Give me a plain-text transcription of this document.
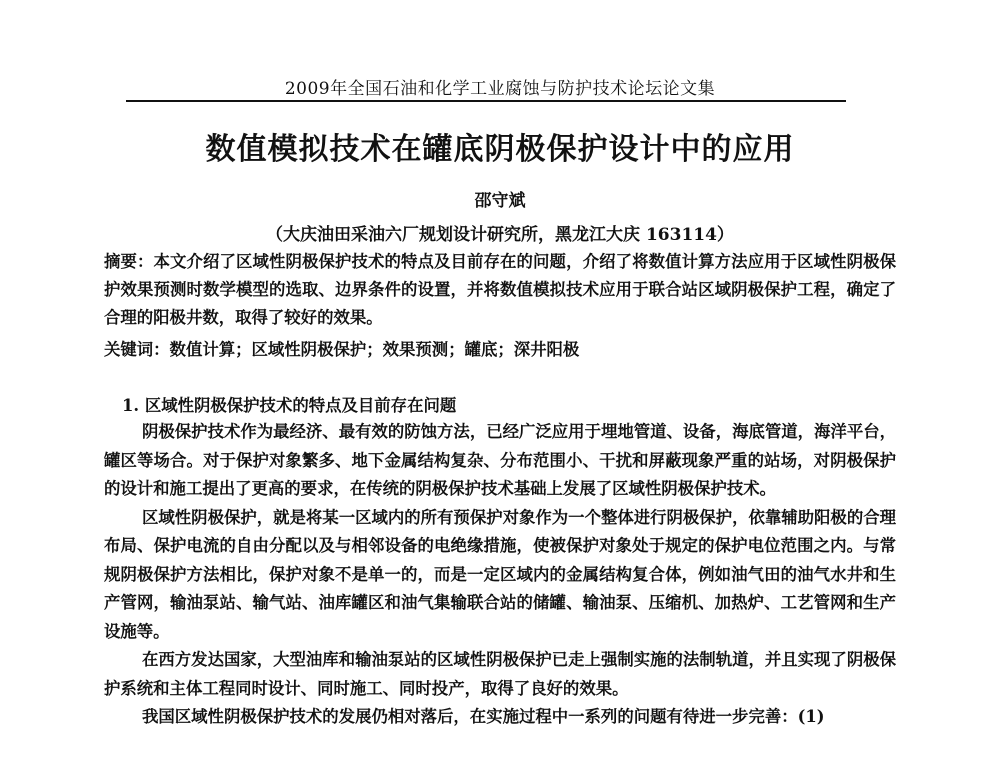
2009年全国石油和化学工业腐蚀与防护技术论坛论文集
数值模拟技术在罐底阴极保护设计中的应用
邵守斌
（大庆油田采油六厂规划设计研究所，黑龙江大庆 163114）

摘要：本文介绍了区域性阴极保护技术的特点及目前存在的问题，介绍了将数值计算方法应用于区域性阴极保护效果预测时数学模型的选取、边界条件的设置，并将数值模拟技术应用于联合站区域阴极保护工程，确定了合理的阳极井数，取得了较好的效果。

关键词：数值计算；区域性阴极保护；效果预测；罐底；深井阳极

1. 区域性阴极保护技术的特点及目前存在问题

阴极保护技术作为最经济、最有效的防蚀方法，已经广泛应用于埋地管道、设备，海底管道，海洋平台，罐区等场合。对于保护对象繁多、地下金属结构复杂、分布范围小、干扰和屏蔽现象严重的站场，对阴极保护的设计和施工提出了更高的要求，在传统的阴极保护技术基础上发展了区域性阴极保护技术。

区域性阴极保护，就是将某一区域内的所有预保护对象作为一个整体进行阴极保护，依靠辅助阳极的合理布局、保护电流的自由分配以及与相邻设备的电绝缘措施，使被保护对象处于规定的保护电位范围之内。与常规阴极保护方法相比，保护对象不是单一的，而是一定区域内的金属结构复合体，例如油气田的油气水井和生产管网，输油泵站、输气站、油库罐区和油气集输联合站的储罐、输油泵、压缩机、加热炉、工艺管网和生产设施等。

在西方发达国家，大型油库和输油泵站的区域性阴极保护已走上强制实施的法制轨道，并且实现了阴极保护系统和主体工程同时设计、同时施工、同时投产，取得了良好的效果。

我国区域性阴极保护技术的发展仍相对落后，在实施过程中一系列的问题有待进一步完善：(1)
